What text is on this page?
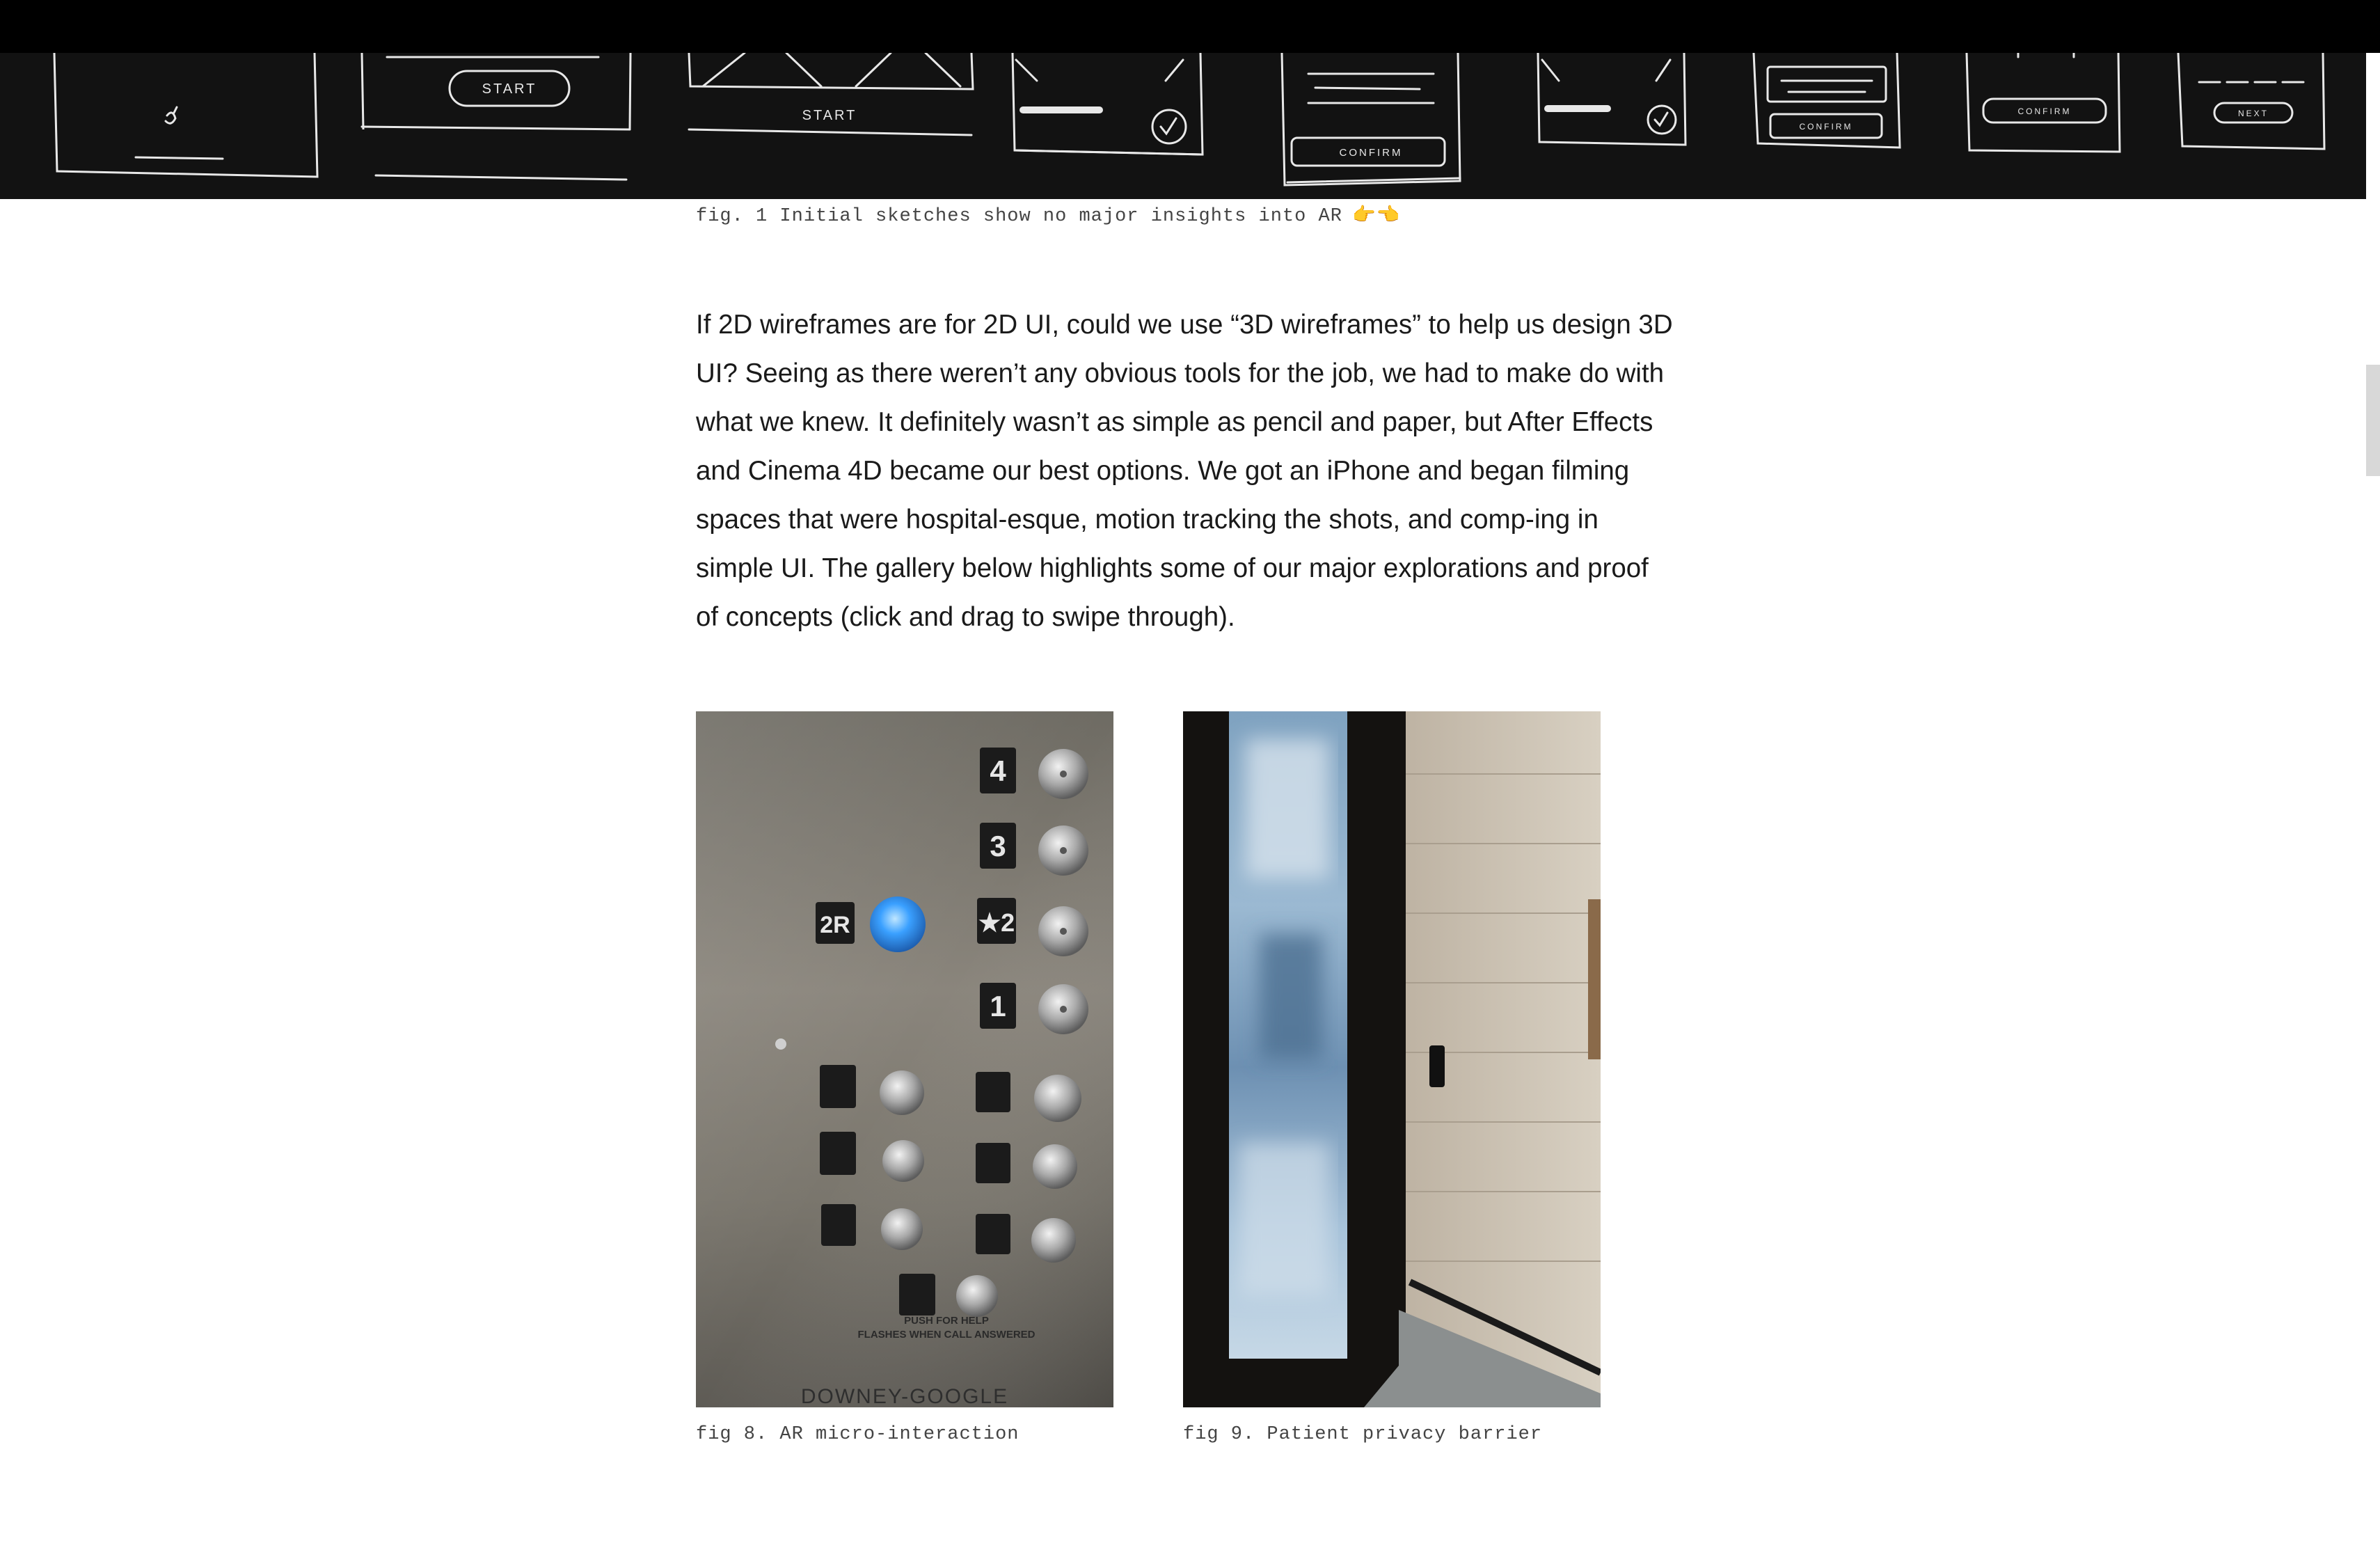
START
START
CONFIRM
CONFIRM
CONFIRM	NEXT
fig. 1 Initial sketches show no major insights into AR 👉👈

If 2D wireframes are for 2D UI, could we use “3D wireframes” to help us design 3D UI? Seeing as there weren’t any obvious tools for the job, we had to make do with what we knew. It definitely wasn’t as simple as pencil and paper, but After Effects and Cinema 4D became our best options. We got an iPhone and began filming spaces that were hospital-esque, motion tracking the shots, and comp-ing in simple UI. The gallery below highlights some of our major explorations and proof of concepts (click and drag to swipe through).

4
3
★2
1
2R
PUSH FOR HELP
FLASHES WHEN CALL ANSWERED
DOWNEY-GOOGLE
fig 8. AR micro-interaction	fig 9. Patient privacy barrier
